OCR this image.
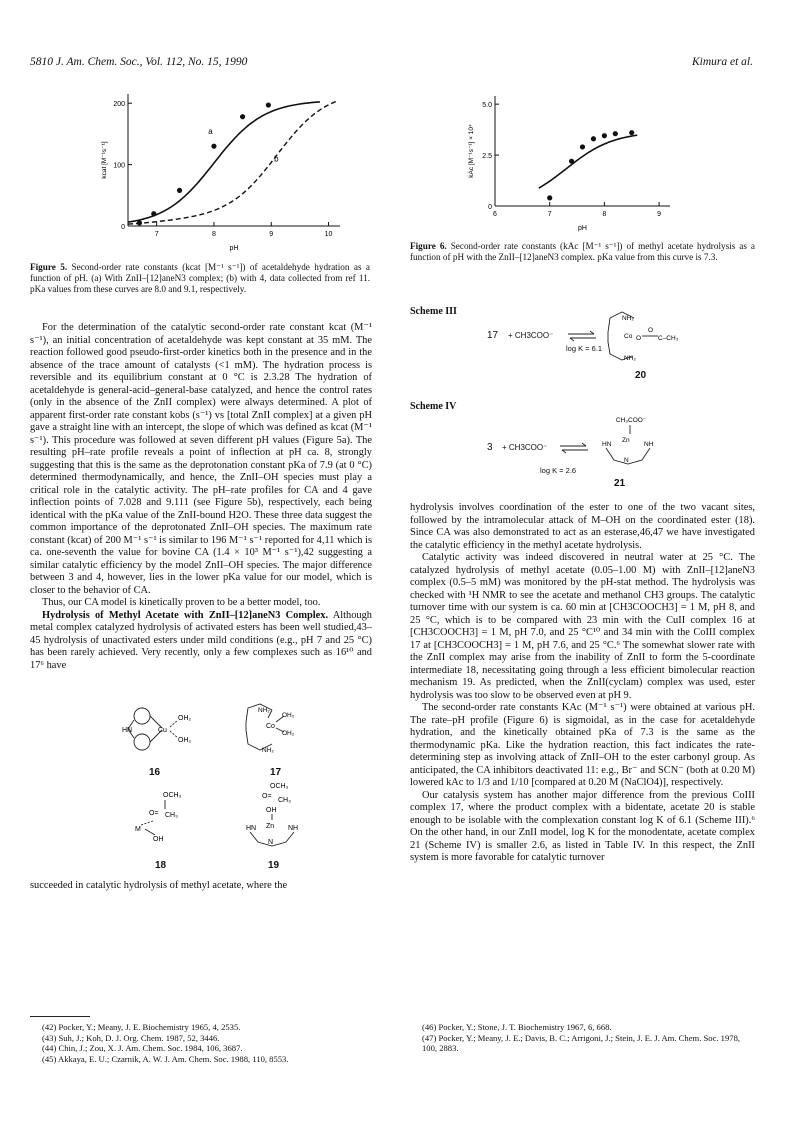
5810 J. Am. Chem. Soc., Vol. 112, No. 15, 1990	Kimura et al.
7	8	9	10
0
100
200
pH
kcat [M⁻¹s⁻¹]
a
b
Figure 5. Second-order rate constants (kcat [M⁻¹ s⁻¹]) of acetaldehyde hydration as a function of pH. (a) With ZnII–[12]aneN3 complex; (b) with 4, data collected from ref 11. pKa values from these curves are 8.0 and 9.1, respectively.
6	7	8	9
0
2.5
5.0
pH
kAc [M⁻¹s⁻¹] × 10⁴
Figure 6. Second-order rate constants (kAc [M⁻¹ s⁻¹]) of methyl acetate hydrolysis as a function of pH with the ZnII–[12]aneN3 complex. pKa value from this curve is 7.3.

For the determination of the catalytic second-order rate constant kcat (M⁻¹ s⁻¹), an initial concentration of acetaldehyde was kept constant at 35 mM. The reaction followed good pseudo-first-order kinetics both in the presence and in the absence of the trace amount of catalysts (<1 mM). The hydration process is reversible and its equilibrium constant at 0 °C is 2.3.28 The hydration of acetaldehyde is general-acid–general-base catalyzed, and hence the control rates (only in the absence of the ZnII complex) were always determined. A plot of apparent first-order rate constant kobs (s⁻¹) vs [total ZnII complex] at a given pH gave a straight line with an intercept, the slope of which was defined as kcat (M⁻¹ s⁻¹). This procedure was followed at seven different pH values (Figure 5a). The resulting pH–rate profile reveals a point of inflection at pH ca. 8, strongly suggesting that this is the same as the deprotonation constant pKa of 7.9 (at 0 °C) determined thermodynamically, and hence, the ZnII–OH species must play a critical role in the catalytic activity. The pH–rate profiles for CA and 4 gave inflection points of 7.028 and 9.111 (see Figure 5b), respectively, each being identical with the pKa value of the ZnII-bound H2O. These three data suggest the common importance of the deprotonated ZnII–OH species. The maximum rate constant (kcat) of 200 M⁻¹ s⁻¹ is similar to 196 M⁻¹ s⁻¹ reported for 4,11 which is ca. one-seventh the value for bovine CA (1.4 × 10³ M⁻¹ s⁻¹),42 suggesting a similar catalytic efficiency by the model ZnII–OH species. The major difference between 3 and 4, however, lies in the lower pKa value for our model, which is closer to the behavior of CA.

Thus, our CA model is kinetically proven to be a better model, too.

Hydrolysis of Methyl Acetate with ZnII–[12]aneN3 Complex. Although metal complex catalyzed hydrolysis of activated esters has been well studied,43–45 hydrolysis of unactivated esters under mild conditions (e.g., pH 7 and 25 °C) has been rarely achieved. Very recently, only a few complexes such as 16¹⁰ and 17⁶ have

HN	Cu
OH₂
OH₂
16
NH₂
Co
OH₂
OH₂
NH₂
17
OCH₃
CH₃
O=
M
OH
18
OCH₃
O=
CH₃
OH
HN Zn NH
N
19

succeeded in catalytic hydrolysis of methyl acetate, where the

Scheme III
17 + CH3COO⁻ ⇌
log K = 6.1
NH₂
Co O
O
C–CH₃
NH₂
20
Scheme IV
3 + CH3COO⁻ ⇌
log K = 2.6
CH₃COO⁻
HN
Zn
NH
N
21

hydrolysis involves coordination of the ester to one of the two vacant sites, followed by the intramolecular attack of M–OH on the coordinated ester (18). Since CA was also demonstrated to act as an esterase,46,47 we have investigated the catalytic efficiency in the methyl acetate hydrolysis.

Catalytic activity was indeed discovered in neutral water at 25 °C. The catalyzed hydrolysis of methyl acetate (0.05–1.00 M) with ZnII–[12]aneN3 complex (0.5–5 mM) was monitored by the pH-stat method. The hydrolysis was checked with ¹H NMR to see the acetate and methanol CH3 groups. The catalytic turnover time with our system is ca. 60 min at [CH3COOCH3] = 1 M, pH 8, and 25 °C, which is to be compared with 23 min with the CuII complex 16 at [CH3COOCH3] = 1 M, pH 7.0, and 25 °C¹⁰ and 34 min with the CoIII complex 17 at [CH3COOCH3] = 1 M, pH 7.6, and 25 °C.⁶ The somewhat slower rate with the ZnII complex may arise from the inability of ZnII to form the 5-coordinate intermediate 18, necessitating going through a less efficient bimolecular reaction mechanism 19. As predicted, when the ZnII(cyclam) complex was used, ester hydrolysis was too slow to be observed even at pH 9.

The second-order rate constants KAc (M⁻¹ s⁻¹) were obtained at various pH. The rate–pH profile (Figure 6) is sigmoidal, as in the case for acetaldehyde hydration, and the kinetically obtained pKa of 7.3 is the same as the thermodynamic pKa. Like the hydration reaction, this fact indicates the rate-determining step as involving attack of ZnII–OH to the ester carbonyl group. As anticipated, the CA inhibitors deactivated 11: e.g., Br⁻ and SCN⁻ (both at 0.20 M) lowered kAc to 1/3 and 1/10 [compared at 0.20 M (NaClO4)], respectively.

Our catalysis system has another major difference from the previous CoIII complex 17, where the product complex with a bidentate, acetate 20 is stable enough to be isolable with the complexation constant log K of 6.1 (Scheme III).⁶ On the other hand, in our ZnII model, log K for the monodentate, acetate complex 21 (Scheme IV) is smaller 2.6, as listed in Table IV. In this respect, the ZnII system is more favorable for catalytic turnover

(42) Pocker, Y.; Meany, J. E. Biochemistry 1965, 4, 2535.
(43) Suh, J.; Koh, D. J. Org. Chem. 1987, 52, 3446.
(44) Chin, J.; Zou, X. J. Am. Chem. Soc. 1984, 106, 3687.
(45) Akkaya, E. U.; Czarnik, A. W. J. Am. Chem. Soc. 1988, 110, 8553.
(46) Pocker, Y.; Stone, J. T. Biochemistry 1967, 6, 668.
(47) Pocker, Y.; Meany, J. E.; Davis, B. C.; Arrigoni, J.; Stein, J. E. J. Am. Chem. Soc. 1978, 100, 2883.
